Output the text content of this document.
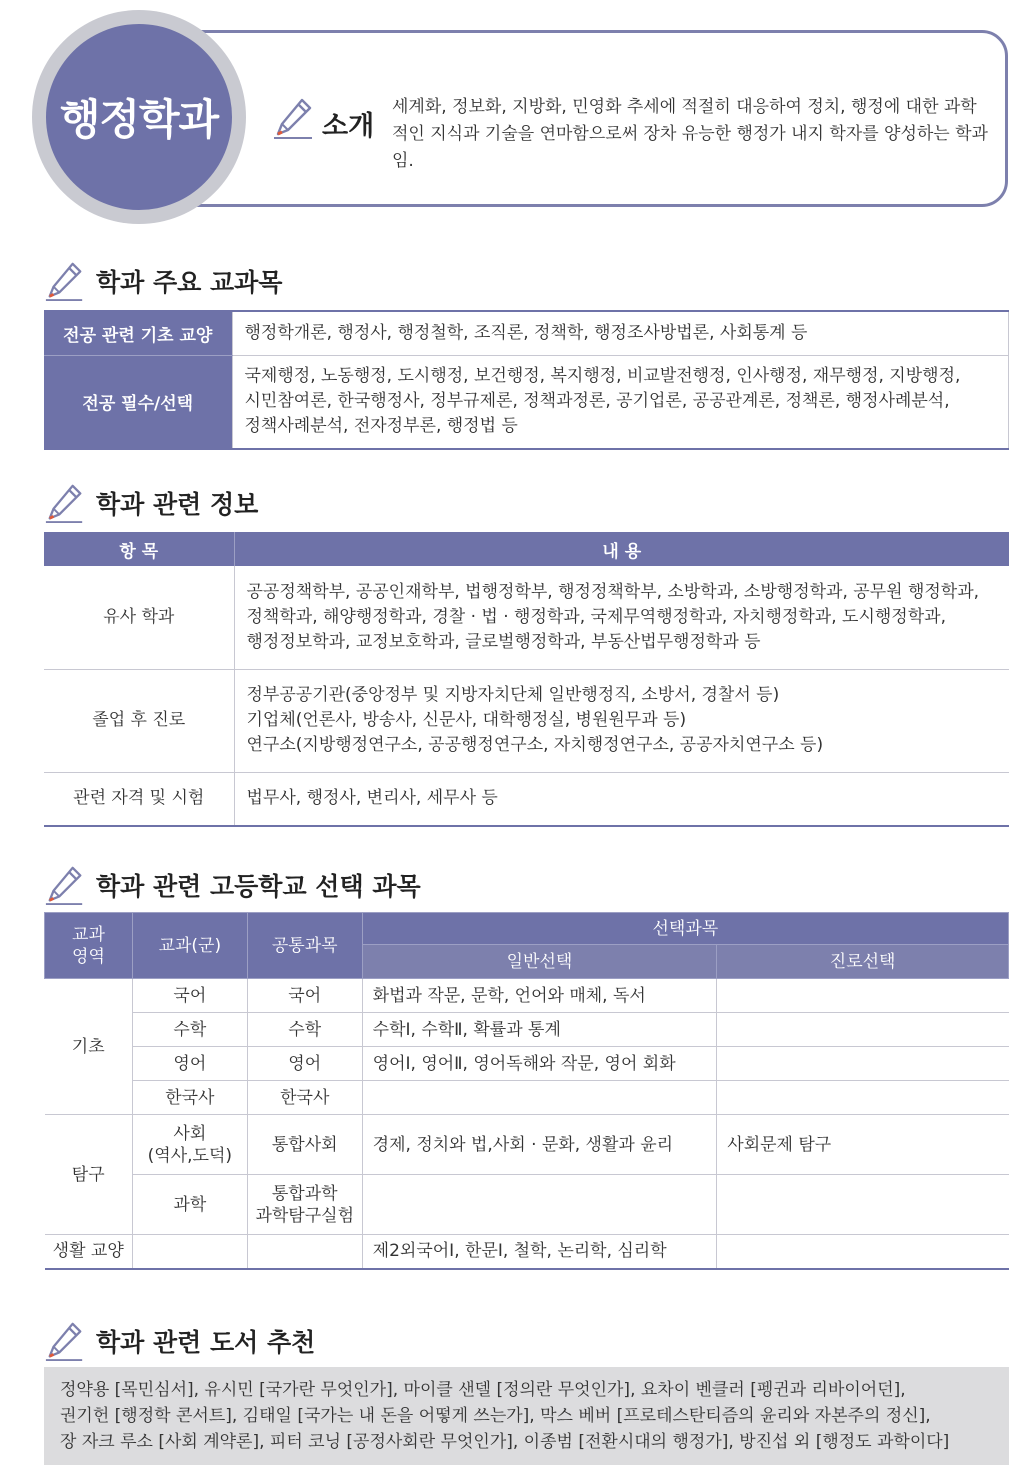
행정학과	소개

세계화, 정보화, 지방화, 민영화 추세에 적절히 대응하여 정치, 행정에 대한 과학적인 지식과 기술을 연마함으로써 장차 유능한 행정가 내지 학자를 양성하는 학과임.

학과 주요 교과목
전공 관련 기초 교양	행정학개론, 행정사, 행정철학, 조직론, 정책학, 행정조사방법론, 사회통계 등
전공 필수/선택	국제행정, 노동행정, 도시행정, 보건행정, 복지행정, 비교발전행정, 인사행정, 재무행정, 지방행정,
시민참여론, 한국행정사, 정부규제론, 정책과정론, 공기업론, 공공관계론, 정책론, 행정사례분석,
정책사례분석, 전자정부론, 행정법 등
학과 관련 정보
항 목	내 용
유사 학과	공공정책학부, 공공인재학부, 법행정학부, 행정정책학부, 소방학과, 소방행정학과, 공무원 행정학과,
정책학과, 해양행정학과, 경찰 · 법 · 행정학과, 국제무역행정학과, 자치행정학과, 도시행정학과,
행정정보학과, 교정보호학과, 글로벌행정학과, 부동산법무행정학과 등

졸업 후 진로	정부공공기관(중앙정부 및 지방자치단체 일반행정직, 소방서, 경찰서 등)
기업체(언론사, 방송사, 신문사, 대학행정실, 병원원무과 등)
연구소(지방행정연구소, 공공행정연구소, 자치행정연구소, 공공자치연구소 등)

관련 자격 및 시험	법무사, 행정사, 변리사, 세무사 등
학과 관련 고등학교 선택 과목
교과
영역	교과(군)	공통과목	선택과목	
			일반선택	진로선택
기초	국어	국어	화법과 작문, 문학, 언어와 매체, 독서	
	수학	수학	수학Ⅰ, 수학Ⅱ, 확률과 통계	
	영어	영어	영어Ⅰ, 영어Ⅱ, 영어독해와 작문, 영어 회화	
	한국사	한국사		
탐구	사회
(역사,도덕)	통합사회	경제, 정치와 법,사회 · 문화, 생활과 윤리	사회문제 탐구
	과학	통합과학
과학탐구실험		

생활 교양			제2외국어Ⅰ, 한문Ⅰ, 철학, 논리학, 심리학	
학과 관련 도서 추천
정약용 [목민심서], 유시민 [국가란 무엇인가], 마이클 샌델 [정의란 무엇인가], 요차이 벤클러 [펭귄과 리바이어던],
권기헌 [행정학 콘서트], 김태일 [국가는 내 돈을 어떻게 쓰는가], 막스 베버 [프로테스탄티즘의 윤리와 자본주의 정신],
장 자크 루소 [사회 계약론], 피터 코닝 [공정사회란 무엇인가], 이종범 [전환시대의 행정가], 방진섭 외 [행정도 과학이다]
